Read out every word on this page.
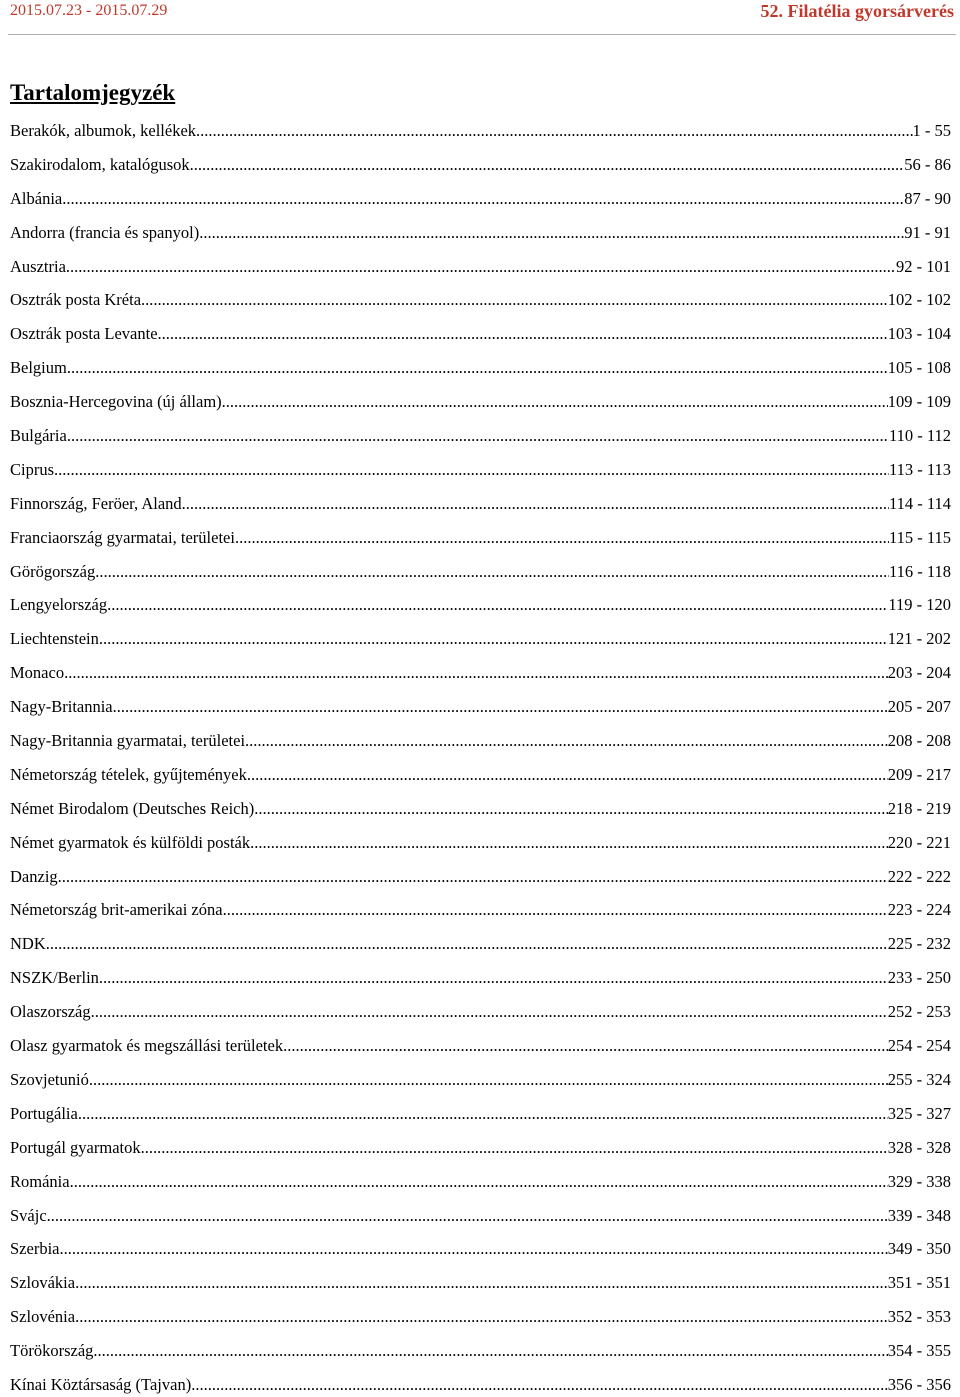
2015.07.23 - 2015.07.29	52. Filatélia gyorsárverés
Tartalomjegyzék
Berakók, albumok, kellékek .....	1 - 55
Szakirodalom, katalógusok .....	56 - 86
Albánia .....	87 - 90
Andorra (francia és spanyol) .....	91 - 91
Ausztria .....	92 - 101
Osztrák posta Kréta .....	102 - 102
Osztrák posta Levante .....	103 - 104
Belgium .....	105 - 108
Bosznia-Hercegovina (új állam) .....	109 - 109
Bulgária .....	110 - 112
Ciprus .....	113 - 113
Finnország, Feröer, Aland .....	114 - 114
Franciaország gyarmatai, területei .....	115 - 115
Görögország .....	116 - 118
Lengyelország .....	119 - 120
Liechtenstein .....	121 - 202
Monaco .....	203 - 204
Nagy-Britannia .....	205 - 207
Nagy-Britannia gyarmatai, területei .....	208 - 208
Németország tételek, gyűjtemények .....	209 - 217
Német Birodalom (Deutsches Reich) .....	218 - 219
Német gyarmatok és külföldi posták .....	220 - 221
Danzig .....	222 - 222
Németország brit-amerikai zóna .....	223 - 224
NDK .....	225 - 232
NSZK/Berlin .....	233 - 250
Olaszország .....	252 - 253
Olasz gyarmatok és megszállási területek .....	254 - 254
Szovjetunió .....	255 - 324
Portugália .....	325 - 327
Portugál gyarmatok .....	328 - 328
Románia .....	329 - 338
Svájc .....	339 - 348
Szerbia .....	349 - 350
Szlovákia .....	351 - 351
Szlovénia .....	352 - 353
Törökország .....	354 - 355
Kínai Köztársaság (Tajvan) .....	356 - 356
